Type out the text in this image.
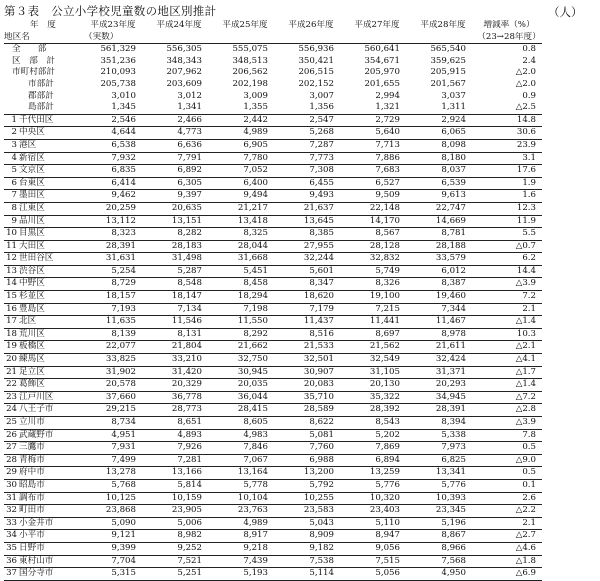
第３表　公立小学校児童数の地区別推計	（人）
年　度	平成23年度	平成24年度	平成25年度	平成26年度	平成27年度	平成28年度	増減率（%）
地区名	（実数）						（23→28年度）
全　　部	561,329	556,305	555,075	556,936	560,641	565,540	0.8
区　部　計	351,236	348,343	348,513	350,421	354,671	359,625	2.4
市町村部計	210,093	207,962	206,562	206,515	205,970	205,915	△2.0
市部計	205,738	203,609	202,198	202,152	201,655	201,567	△2.0
郡部計	3,010	3,012	3,009	3,007	2,994	3,037	0.9
島部計	1,345	1,341	1,355	1,356	1,321	1,311	△2.5
1 千代田区	2,546	2,466	2,442	2,547	2,729	2,924	14.8
2 中央区	4,644	4,773	4,989	5,268	5,640	6,065	30.6
3 港区	6,538	6,636	6,905	7,287	7,713	8,098	23.9
4 新宿区	7,932	7,791	7,780	7,773	7,886	8,180	3.1
5 文京区	6,835	6,892	7,052	7,308	7,683	8,037	17.6
6 台東区	6,414	6,305	6,400	6,455	6,527	6,539	1.9
7 墨田区	9,462	9,397	9,494	9,493	9,509	9,613	1.6
8 江東区	20,259	20,635	21,217	21,637	22,148	22,747	12.3
9 品川区	13,112	13,151	13,418	13,645	14,170	14,669	11.9
10 目黒区	8,323	8,282	8,325	8,385	8,567	8,781	5.5
11 大田区	28,391	28,183	28,044	27,955	28,128	28,188	△0.7
12 世田谷区	31,631	31,498	31,668	32,244	32,832	33,579	6.2
13 渋谷区	5,254	5,287	5,451	5,601	5,749	6,012	14.4
14 中野区	8,729	8,548	8,458	8,347	8,326	8,387	△3.9
15 杉並区	18,157	18,147	18,294	18,620	19,100	19,460	7.2
16 豊島区	7,193	7,134	7,198	7,179	7,215	7,344	2.1
17 北区	11,635	11,546	11,550	11,437	11,441	11,467	△1.4
18 荒川区	8,139	8,131	8,292	8,516	8,697	8,978	10.3
19 板橋区	22,077	21,804	21,662	21,533	21,562	21,611	△2.1
20 練馬区	33,825	33,210	32,750	32,501	32,549	32,424	△4.1
21 足立区	31,902	31,420	30,945	30,907	31,105	31,371	△1.7
22 葛飾区	20,578	20,329	20,035	20,083	20,130	20,293	△1.4
23 江戸川区	37,660	36,778	36,044	35,710	35,322	34,945	△7.2
24 八王子市	29,215	28,773	28,415	28,589	28,392	28,391	△2.8
25 立川市	8,734	8,651	8,605	8,622	8,543	8,394	△3.9
26 武蔵野市	4,951	4,893	4,983	5,081	5,202	5,338	7.8
27 三鷹市	7,931	7,926	7,846	7,760	7,869	7,973	0.5
28 青梅市	7,499	7,281	7,067	6,988	6,894	6,825	△9.0
29 府中市	13,278	13,166	13,164	13,200	13,259	13,341	0.5
30 昭島市	5,768	5,814	5,778	5,792	5,776	5,776	0.1
31 調布市	10,125	10,159	10,104	10,255	10,320	10,393	2.6
32 町田市	23,868	23,905	23,763	23,583	23,403	23,345	△2.2
33 小金井市	5,090	5,006	4,989	5,043	5,110	5,196	2.1
34 小平市	9,121	8,982	8,917	8,909	8,947	8,867	△2.7
35 日野市	9,399	9,252	9,218	9,182	9,056	8,966	△4.6
36 東村山市	7,704	7,521	7,439	7,538	7,515	7,568	△1.8
37 国分寺市	5,315	5,251	5,193	5,114	5,056	4,950	△6.9
